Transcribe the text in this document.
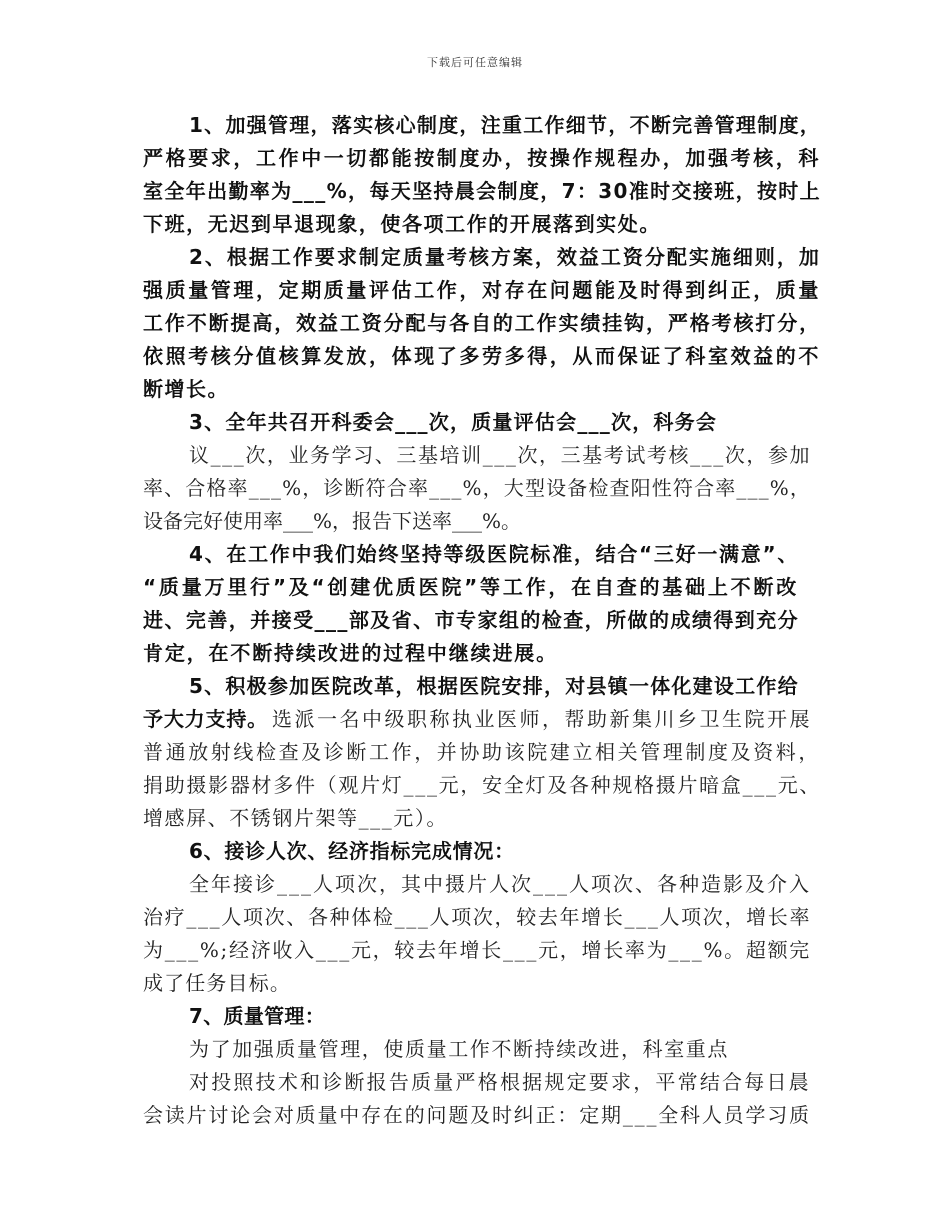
下载后可任意编辑
1、加强管理，落实核心制度，注重工作细节，不断完善管理制度，
严格要求，工作中一切都能按制度办，按操作规程办，加强考核，科
室全年出勤率为___%，每天坚持晨会制度，7：30准时交接班，按时上
下班，无迟到早退现象，使各项工作的开展落到实处。
2、根据工作要求制定质量考核方案，效益工资分配实施细则，加
强质量管理，定期质量评估工作，对存在问题能及时得到纠正，质量
工作不断提高，效益工资分配与各自的工作实绩挂钩，严格考核打分，
依照考核分值核算发放，体现了多劳多得，从而保证了科室效益的不
断增长。
3、全年共召开科委会___次，质量评估会___次，科务会
议___次，业务学习、三基培训___次，三基考试考核___次，参加
率、合格率___%，诊断符合率___%，大型设备检查阳性符合率___%，
设备完好使用率___%，报告下送率___%。
4、在工作中我们始终坚持等级医院标准，结合“三好一满意”、
“质量万里行”及“创建优质医院”等工作，在自查的基础上不断改
进、完善，并接受___部及省、市专家组的检查，所做的成绩得到充分
肯定，在不断持续改进的过程中继续进展。
5、积极参加医院改革，根据医院安排，对县镇一体化建设工作给
予大力支持。 选派一名中级职称执业医师，帮助新集川乡卫生院开展
普通放射线检查及诊断工作，并协助该院建立相关管理制度及资料，
捐助摄影器材多件（观片灯___元，安全灯及各种规格摄片暗盒___元、
增感屏、不锈钢片架等___元）。
6、接诊人次、经济指标完成情况：
全年接诊___人项次，其中摄片人次___人项次、各种造影及介入
治疗___人项次、各种体检___人项次，较去年增长___人项次，增长率
为___%;经济收入___元，较去年增长___元，增长率为___%。超额完
成了任务目标。
7、质量管理：
为了加强质量管理，使质量工作不断持续改进，科室重点
对投照技术和诊断报告质量严格根据规定要求，平常结合每日晨
会读片讨论会对质量中存在的问题及时纠正：定期___全科人员学习质
